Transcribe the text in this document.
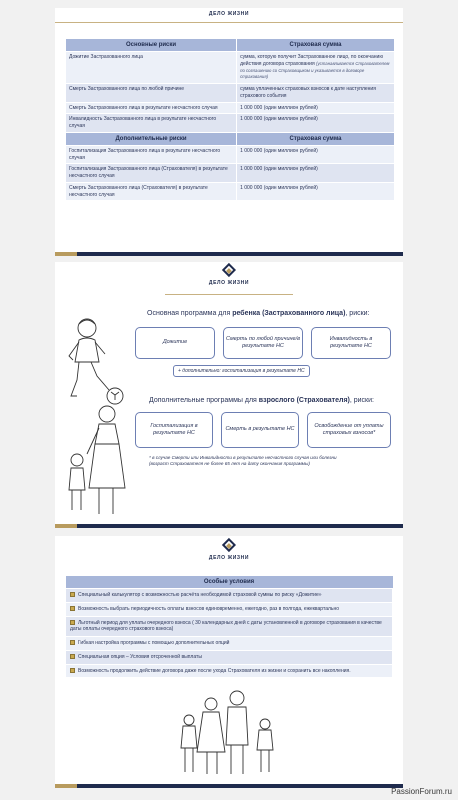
ДЕЛО ЖИЗНИ
Основные риски	Страховая сумма
Дожитие Застрахованного лица	сумма, которую получит Застрахованное лицо, по окончанию действия договора страхования (устанавливается Страхователем по соглашению со Страховщиком и указывается в договоре страхования)
Смерть Застрахованного лица по любой причине	сумма уплаченных страховых взносов к дате наступления страхового события
Смерть Застрахованного лица в результате несчастного случая	1 000 000 (один миллион рублей)
Инвалидность Застрахованного лица в результате несчастного случая	1 000 000 (один миллион рублей)
Дополнительные риски	Страховая сумма
Госпитализация Застрахованного лица в результате несчастного случая	1 000 000 (один миллион рублей)
Госпитализация Застрахованного лица (Страхователя) в результате несчастного случая	1 000 000 (один миллион рублей)
Смерть Застрахованного лица (Страхователя) в результате несчастного случая	1 000 000 (один миллион рублей)
ДЕЛО ЖИЗНИ
Основная программа для ребенка (Застрахованного лица), риски:
Дожитие
Смерть по любой причине/в результате НС
Инвалидность в результате НС
+ дополнительно: госпитализация в результате НС
Дополнительные программы для взрослого (Страхователя), риски:
Госпитализация в результате НС
Смерть в результате НС
Освобождение от уплаты страховых взносов*
* в случае Смерти или Инвалидности в результате несчастного случая или болезни
(возраст Страхователя не более 65 лет на дату окончания программы)
ДЕЛО ЖИЗНИ
Особые условия
Специальный калькулятор с возможностью расчёта необходимой страховой суммы по риску «Дожитие»
Возможность выбрать периодичность оплаты взносов единовременно, ежегодно, раз в полгода, ежеквартально
Льготный период для уплаты очередного взноса ( 30 календарных дней с даты установленной в договоре страхования в качестве даты оплаты очередного страхового взноса)
Гибкая настройка программы с помощью дополнительных опций
Специальная опция – Условия отсроченной выплаты
Возможность продолжить действие договора даже после ухода Страхователя из жизни и сохранить все накопления.
PassionForum.ru
